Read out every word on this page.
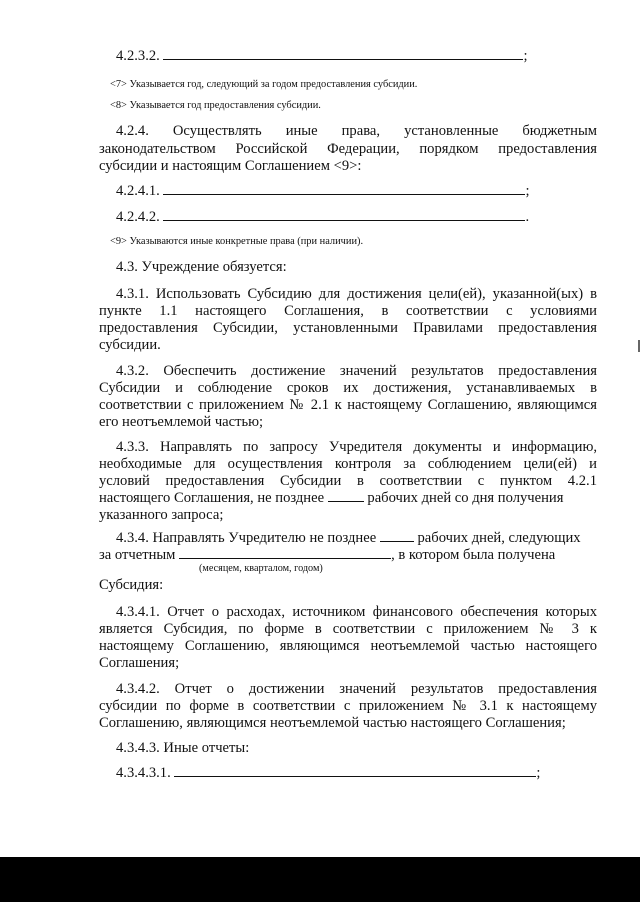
4.2.3.2.	;
<7> Указывается год, следующий за годом предоставления субсидии.
<8> Указывается год предоставления субсидии.
4.2.4. Осуществлять иные права, установленные бюджетным
законодательством Российской Федерации, порядком предоставления
субсидии и настоящим Соглашением <9>:
4.2.4.1.	;
4.2.4.2.	.
<9> Указываются иные конкретные права (при наличии).
4.3. Учреждение обязуется:
4.3.1. Использовать Субсидию для достижения цели(ей), указанной(ых) в
пункте 1.1 настоящего Соглашения, в соответствии с условиями
предоставления Субсидии, установленными Правилами предоставления
субсидии.
4.3.2. Обеспечить достижение значений результатов предоставления
Субсидии и соблюдение сроков их достижения, устанавливаемых в
соответствии с приложением № 2.1 к настоящему Соглашению, являющимся
его неотъемлемой частью;
4.3.3. Направлять по запросу Учредителя документы и информацию,
необходимые для осуществления контроля за соблюдением цели(ей) и
условий предоставления Субсидии в соответствии с пунктом 4.2.1
настоящего Соглашения, не позднее	рабочих дней со дня получения
указанного запроса;
4.3.4. Направлять Учредителю не позднее	рабочих дней, следующих
за отчетным	, в котором была получена
(месяцем, кварталом, годом)
Субсидия:
4.3.4.1. Отчет о расходах, источником финансового обеспечения которых
является Субсидия, по форме в соответствии с приложением № 3 к
настоящему Соглашению, являющимся неотъемлемой частью настоящего
Соглашения;
4.3.4.2. Отчет о достижении значений результатов предоставления
субсидии по форме в соответствии с приложением № 3.1 к настоящему
Соглашению, являющимся неотъемлемой частью настоящего Соглашения;
4.3.4.3. Иные отчеты:
4.3.4.3.1.	;
